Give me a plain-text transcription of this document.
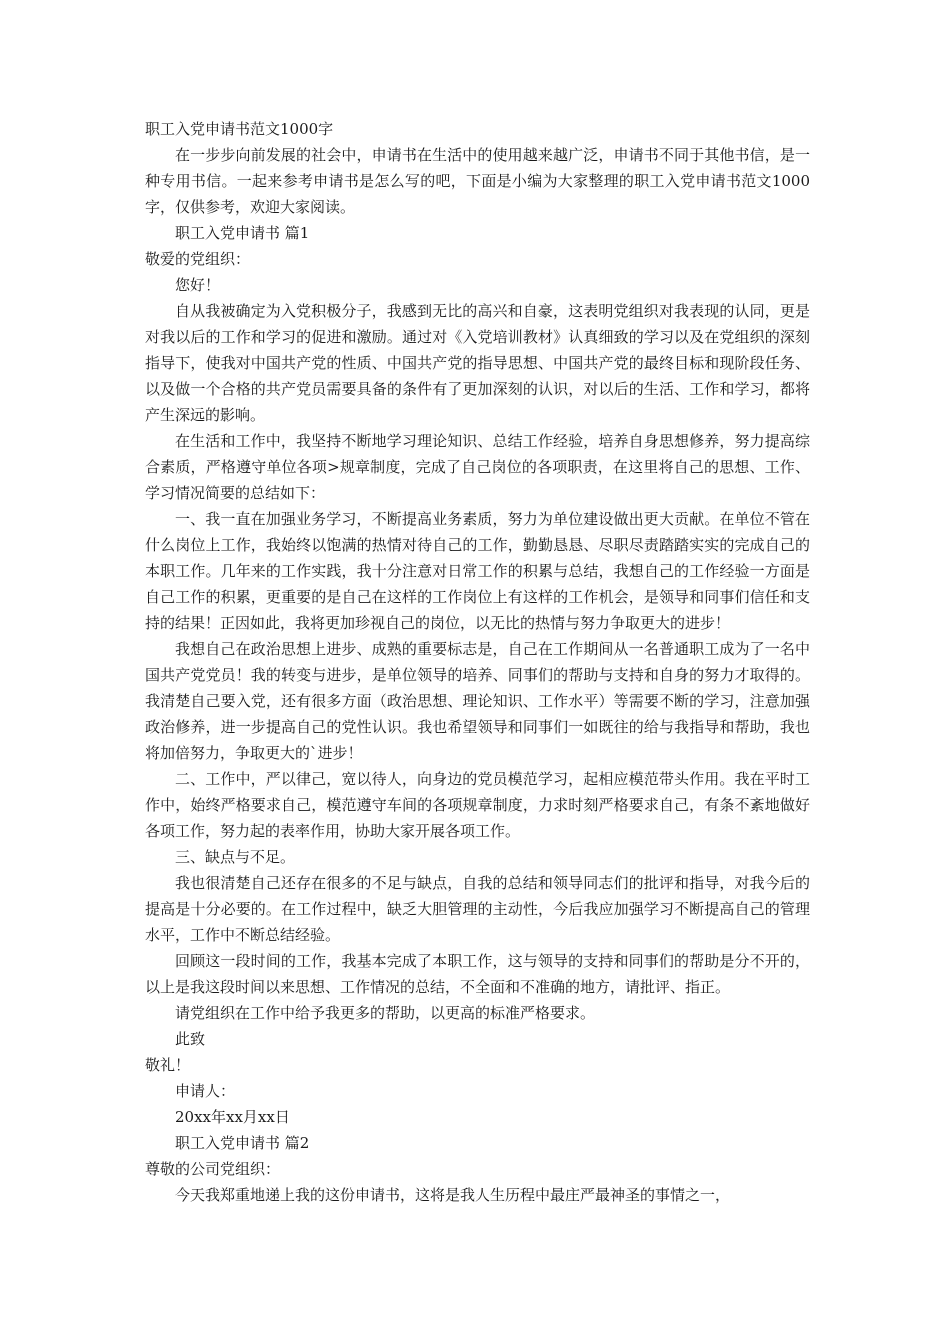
职工入党申请书范文1000字

在一步步向前发展的社会中，申请书在生活中的使用越来越广泛，申请书不同于其他书信，是一种专用书信。一起来参考申请书是怎么写的吧，下面是小编为大家整理的职工入党申请书范文1000字，仅供参考，欢迎大家阅读。

职工入党申请书 篇1

敬爱的党组织：

您好！

自从我被确定为入党积极分子，我感到无比的高兴和自豪，这表明党组织对我表现的认同，更是对我以后的工作和学习的促进和激励。通过对《入党培训教材》认真细致的学习以及在党组织的深刻指导下，使我对中国共产党的性质、中国共产党的指导思想、中国共产党的最终目标和现阶段任务、以及做一个合格的共产党员需要具备的条件有了更加深刻的认识，对以后的生活、工作和学习，都将产生深远的影响。

在生活和工作中，我坚持不断地学习理论知识、总结工作经验，培养自身思想修养，努力提高综合素质，严格遵守单位各项>规章制度，完成了自己岗位的各项职责，在这里将自己的思想、工作、学习情况简要的总结如下：

一、我一直在加强业务学习，不断提高业务素质，努力为单位建设做出更大贡献。在单位不管在什么岗位上工作，我始终以饱满的热情对待自己的工作，勤勤恳恳、尽职尽责踏踏实实的完成自己的本职工作。几年来的工作实践，我十分注意对日常工作的积累与总结，我想自己的工作经验一方面是自己工作的积累，更重要的是自己在这样的工作岗位上有这样的工作机会，是领导和同事们信任和支持的结果！正因如此，我将更加珍视自己的岗位，以无比的热情与努力争取更大的进步！

我想自己在政治思想上进步、成熟的重要标志是，自己在工作期间从一名普通职工成为了一名中国共产党党员！我的转变与进步，是单位领导的培养、同事们的帮助与支持和自身的努力才取得的。我清楚自己要入党，还有很多方面（政治思想、理论知识、工作水平）等需要不断的学习，注意加强政治修养，进一步提高自己的党性认识。我也希望领导和同事们一如既往的给与我指导和帮助，我也将加倍努力，争取更大的`进步！

二、工作中，严以律己，宽以待人，向身边的党员模范学习，起相应模范带头作用。我在平时工作中，始终严格要求自己，模范遵守车间的各项规章制度，力求时刻严格要求自己，有条不紊地做好各项工作，努力起的表率作用，协助大家开展各项工作。

三、缺点与不足。

我也很清楚自己还存在很多的不足与缺点，自我的总结和领导同志们的批评和指导，对我今后的提高是十分必要的。在工作过程中，缺乏大胆管理的主动性，今后我应加强学习不断提高自己的管理水平，工作中不断总结经验。

回顾这一段时间的工作，我基本完成了本职工作，这与领导的支持和同事们的帮助是分不开的，以上是我这段时间以来思想、工作情况的总结，不全面和不准确的地方，请批评、指正。

请党组织在工作中给予我更多的帮助，以更高的标准严格要求。

此致

敬礼！

申请人：

20xx年xx月xx日

职工入党申请书 篇2

尊敬的公司党组织：

今天我郑重地递上我的这份申请书，这将是我人生历程中最庄严最神圣的事情之一，
